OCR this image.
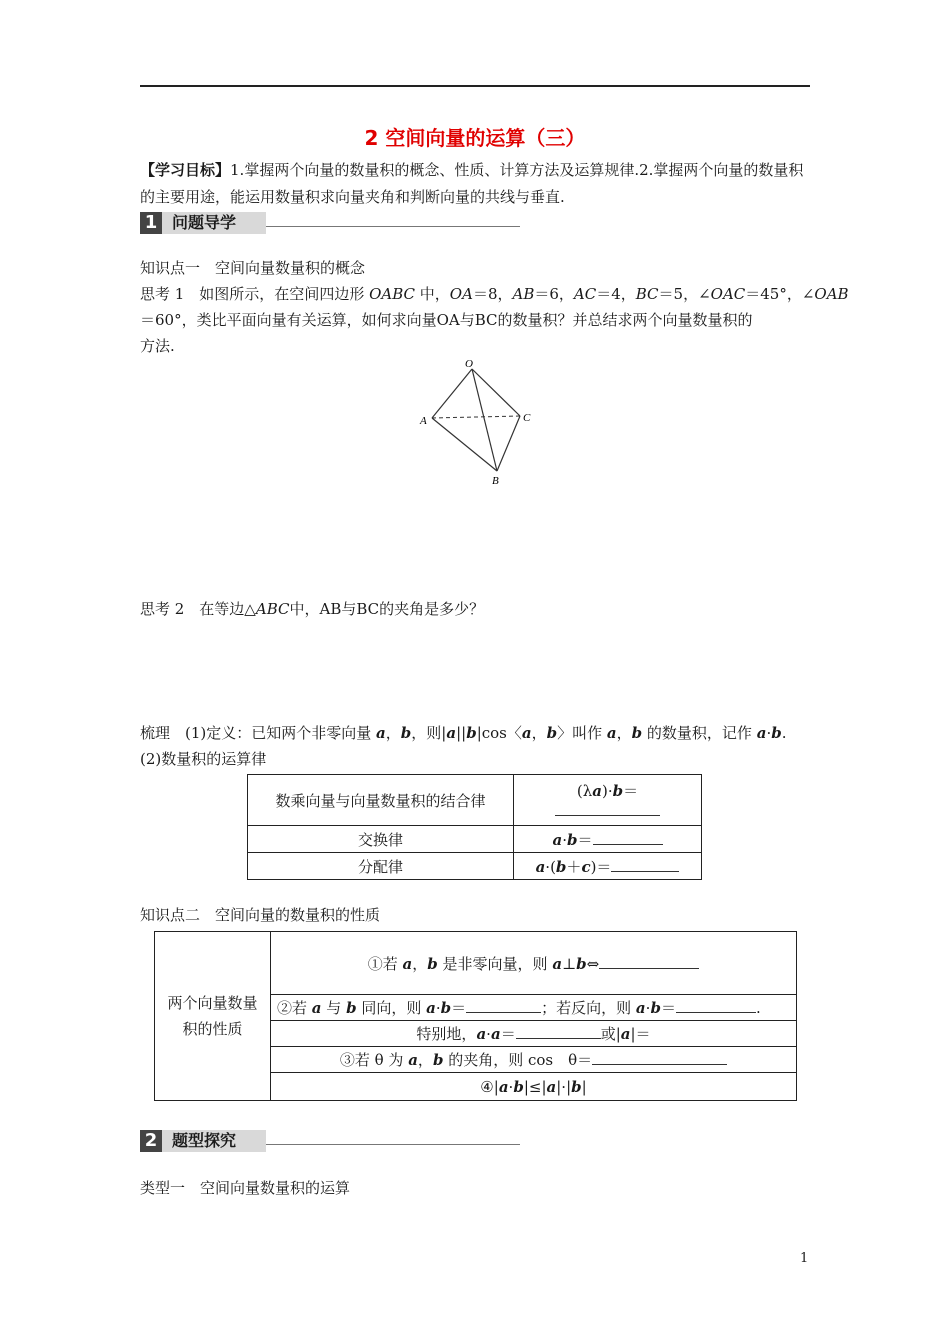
2 空间向量的运算（三）
【学习目标】1.掌握两个向量的数量积的概念、性质、计算方法及运算规律.2.掌握两个向量的数量积的主要用途，能运用数量积求向量夹角和判断向量的共线与垂直.
1 问题导学
知识点一　空间向量数量积的概念
思考 1　如图所示，在空间四边形 OABC 中，OA＝8，AB＝6，AC＝4，BC＝5，∠OAC＝45°，∠OAB
＝60°，类比平面向量有关运算，如何求向量OA与BC的数量积？并总结求两个向量数量积的
方法.
O
A	C
B
思考 2　在等边△ABC中，AB与BC的夹角是多少？
梳理　(1)定义：已知两个非零向量 a，b，则|a||b|cos〈a，b〉叫作 a，b 的数量积，记作 a·b.
(2)数量积的运算律
数乘向量与向量数量积的结合律	(λa)·b＝

交换律	a·b＝
分配律	a·(b＋c)＝
知识点二　空间向量的数量积的性质
两个向量数量积的性质	①若 a，b 是非零向量，则 a⊥b⇔
②若 a 与 b 同向，则 a·b＝	；若反向，则 a·b＝	.
特别地，a·a＝	或|a|＝
③若 θ 为 a，b 的夹角，则 cos　θ＝
④|a·b|≤|a|·|b|
2 题型探究
类型一　空间向量数量积的运算
1
